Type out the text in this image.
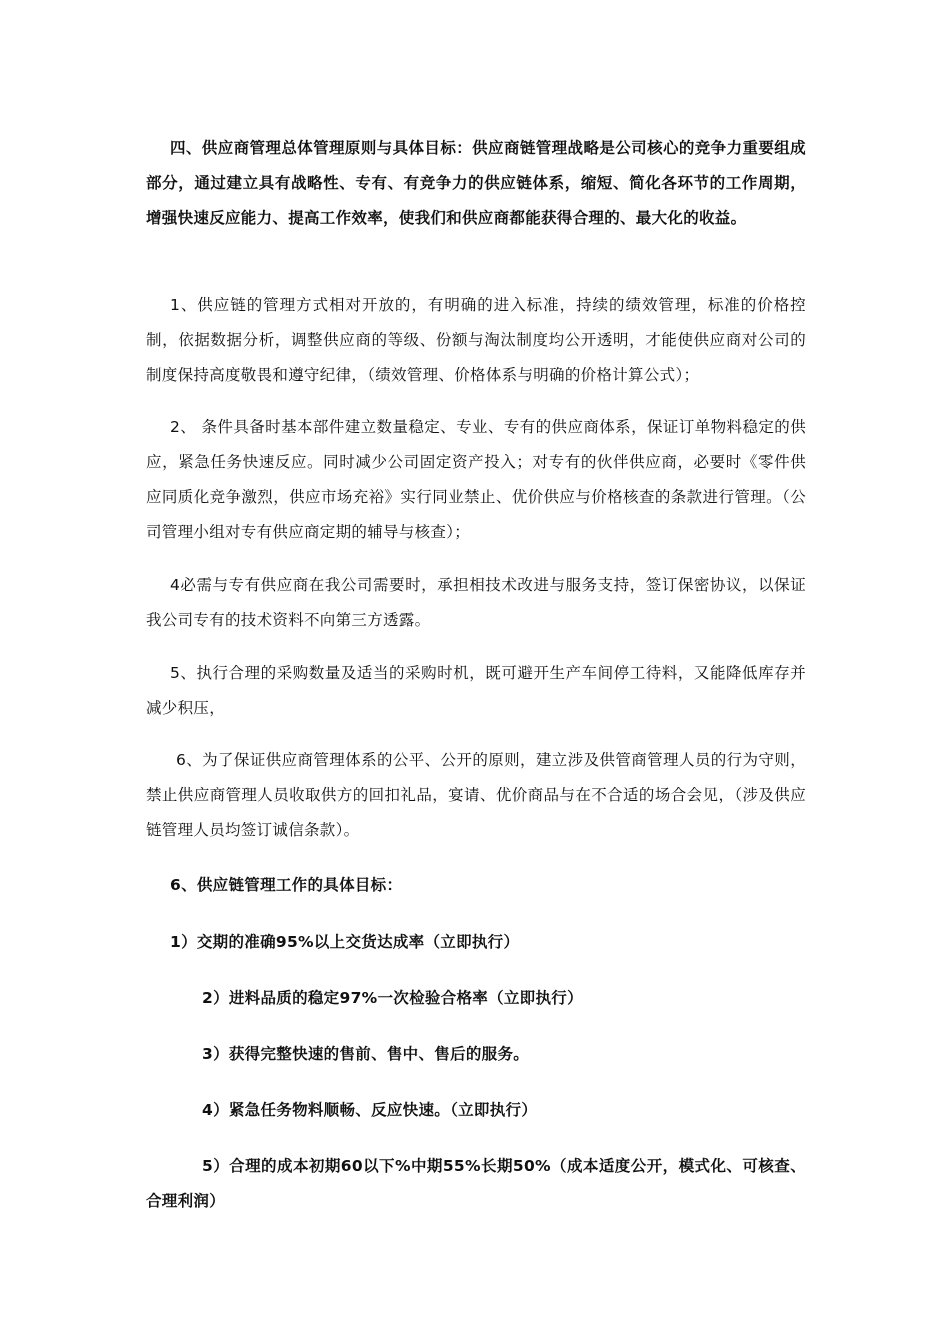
四、供应商管理总体管理原则与具体目标：供应商链管理战略是公司核心的竞争力重要组成部分，通过建立具有战略性、专有、有竞争力的供应链体系，缩短、简化各环节的工作周期，增强快速反应能力、提高工作效率，使我们和供应商都能获得合理的、最大化的收益。

1、供应链的管理方式相对开放的，有明确的进入标准，持续的绩效管理，标准的价格控制，依据数据分析，调整供应商的等级、份额与淘汰制度均公开透明，才能使供应商对公司的制度保持高度敬畏和遵守纪律，（绩效管理、价格体系与明确的价格计算公式）；

2、 条件具备时基本部件建立数量稳定、专业、专有的供应商体系，保证订单物料稳定的供应，紧急任务快速反应。同时减少公司固定资产投入；对专有的伙伴供应商，必要时《零件供应同质化竞争激烈，供应市场充裕》实行同业禁止、优价供应与价格核查的条款进行管理。（公司管理小组对专有供应商定期的辅导与核查）；

4必需与专有供应商在我公司需要时，承担相技术改进与服务支持，签订保密协议，以保证我公司专有的技术资料不向第三方透露。

5、执行合理的采购数量及适当的采购时机，既可避开生产车间停工待料，又能降低库存并减少积压，

6、为了保证供应商管理体系的公平、公开的原则，建立涉及供管商管理人员的行为守则，禁止供应商管理人员收取供方的回扣礼品，宴请、优价商品与在不合适的场合会见，（涉及供应链管理人员均签订诚信条款）。

6、供应链管理工作的具体目标：

1）交期的准确95%以上交货达成率（立即执行）

2）进料品质的稳定97%一次检验合格率（立即执行）

3）获得完整快速的售前、售中、售后的服务。

4）紧急任务物料顺畅、反应快速。（立即执行）

5）合理的成本初期60以下%中期55%长期50%（成本适度公开，模式化、可核查、合理利润）
